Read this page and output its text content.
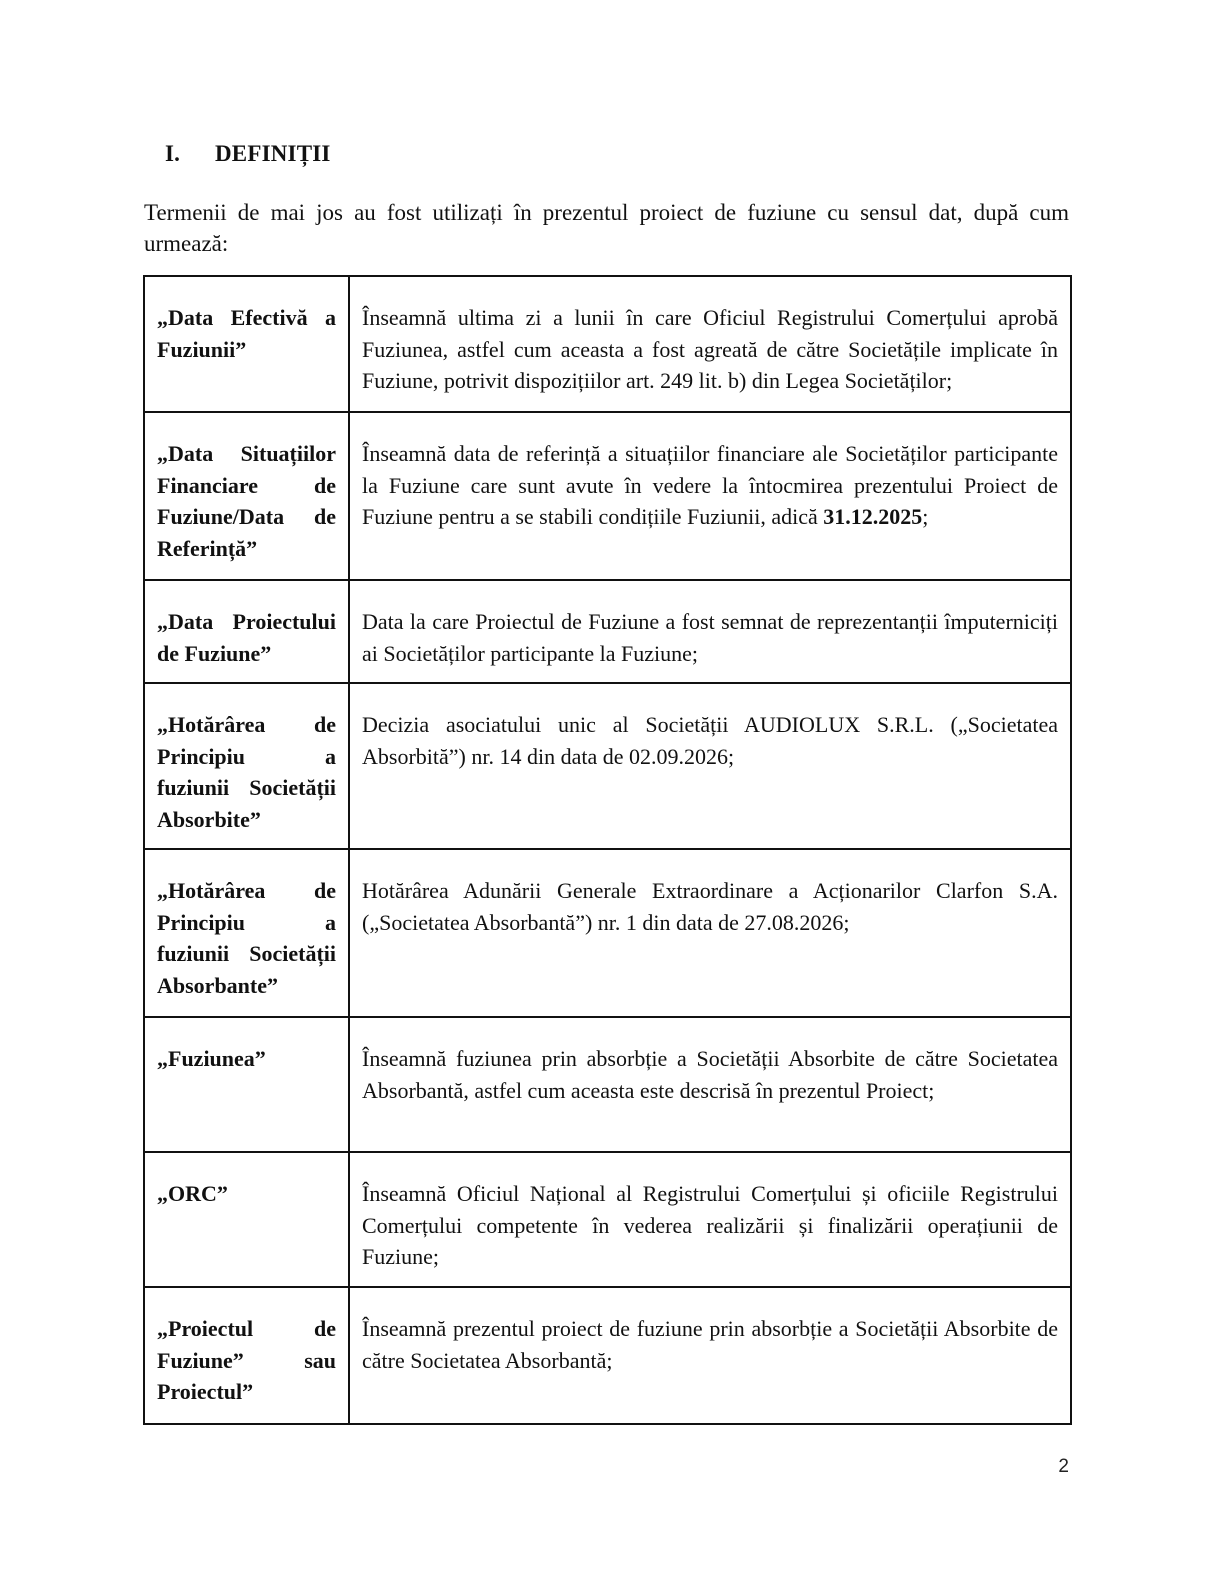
I. DEFINIȚII
Termenii de mai jos au fost utilizați în prezentul proiect de fuziune cu sensul dat, după cum urmează:
„Data Efectivă a Fuziunii”	Înseamnă ultima zi a lunii în care Oficiul Registrului Comerțului aprobă Fuziunea, astfel cum aceasta a fost agreată de către Societățile implicate în Fuziune, potrivit dispozițiilor art. 249 lit. b) din Legea Societăților;
„Data Situațiilor Financiare de Fuziune/Data de Referință”	Înseamnă data de referință a situațiilor financiare ale Societăților participante la Fuziune care sunt avute în vedere la întocmirea prezentului Proiect de Fuziune pentru a se stabili condițiile Fuziunii, adică 31.12.2025;
„Data Proiectului de Fuziune”	Data la care Proiectul de Fuziune a fost semnat de reprezentanții împuterniciți ai Societăților participante la Fuziune;
„Hotărârea de Principiu a fuziunii Societății Absorbite”	Decizia asociatului unic al Societății AUDIOLUX S.R.L. („Societatea Absorbită”) nr. 14 din data de 02.09.2026;
„Hotărârea de Principiu a fuziunii Societății Absorbante”	Hotărârea Adunării Generale Extraordinare a Acționarilor Clarfon S.A. („Societatea Absorbantă”) nr. 1 din data de 27.08.2026;
„Fuziunea”	Înseamnă fuziunea prin absorbție a Societății Absorbite de către Societatea Absorbantă, astfel cum aceasta este descrisă în prezentul Proiect;
„ORC”	Înseamnă Oficiul Național al Registrului Comerțului și oficiile Registrului Comerțului competente în vederea realizării și finalizării operațiunii de Fuziune;
„Proiectul de Fuziune” sau Proiectul”	Înseamnă prezentul proiect de fuziune prin absorbție a Societății Absorbite de către Societatea Absorbantă;
2
